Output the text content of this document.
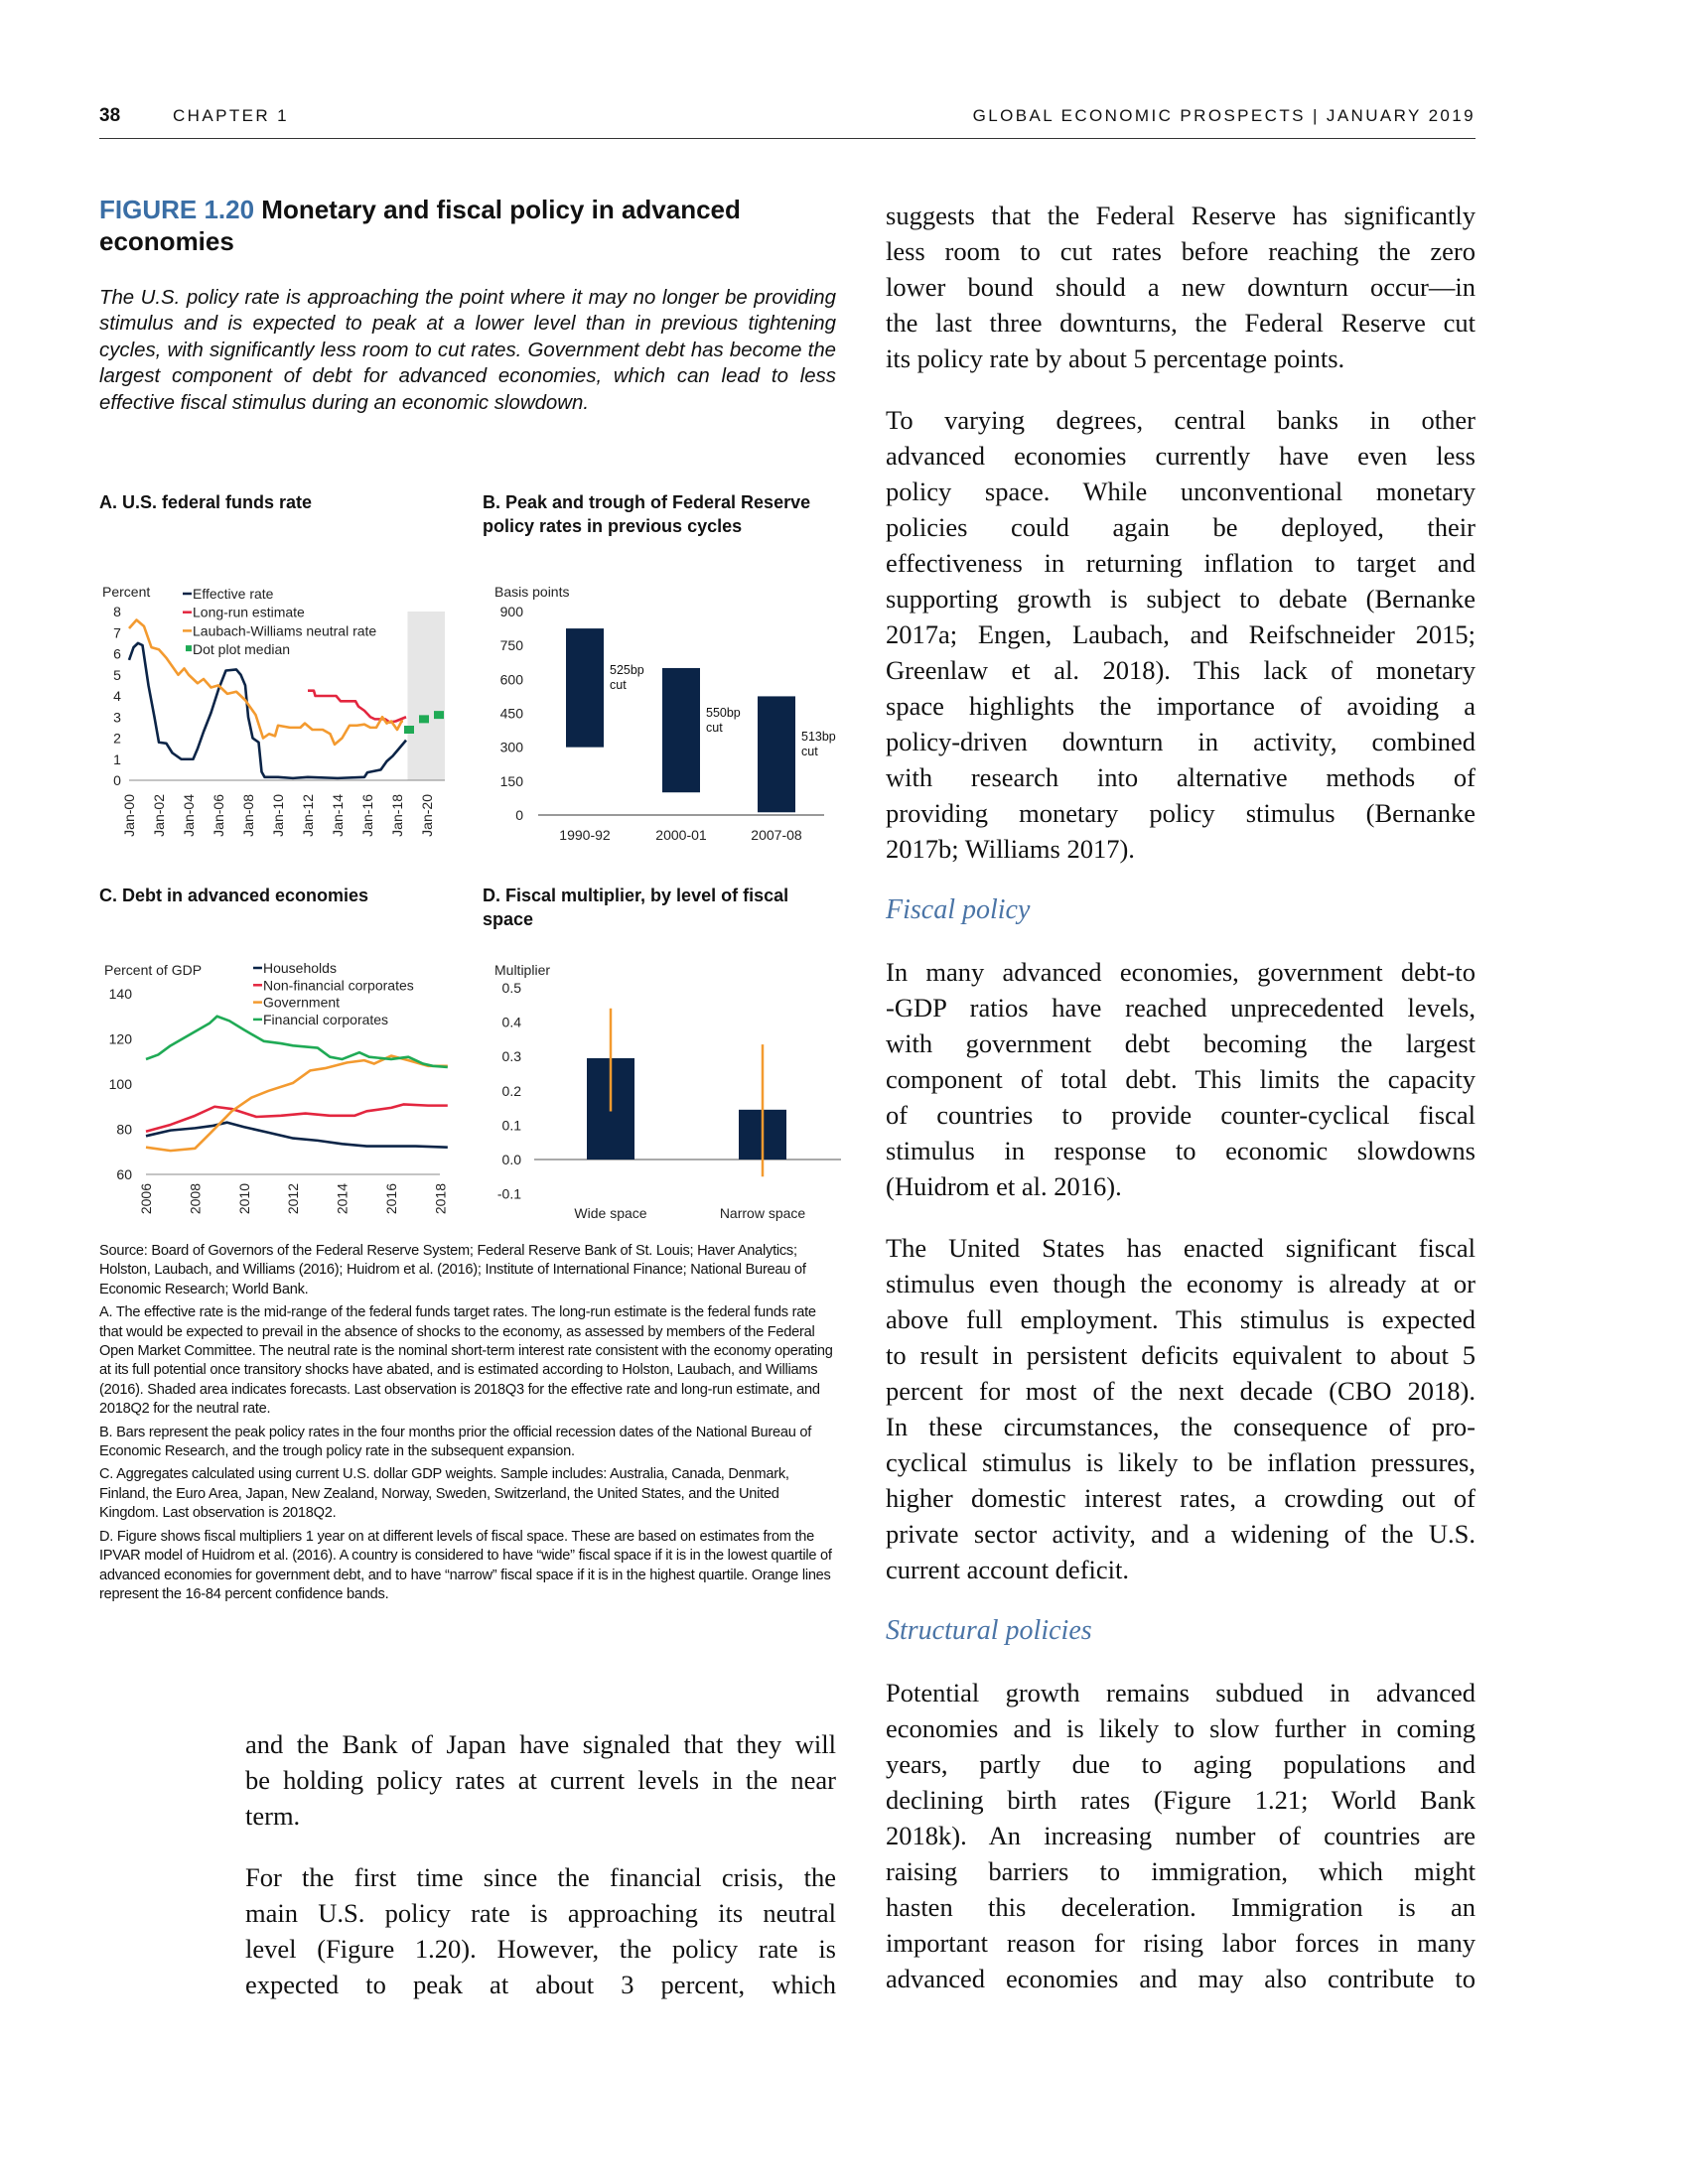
38	CHAPTER 1	GLOBAL ECONOMIC PROSPECTS | JANUARY 2019
FIGURE 1.20 Monetary and fiscal policy in advanced economies
The U.S. policy rate is approaching the point where it may no longer be providing stimulus and is expected to peak at a lower level than in previous tightening cycles, with significantly less room to cut rates. Government debt has become the largest component of debt for advanced economies, which can lead to less effective fiscal stimulus during an economic slowdown.
A. U.S. federal funds rate	B. Peak and trough of Federal Reserve policy rates in previous cycles
C. Debt in advanced economies	D. Fiscal multiplier, by level of fiscal space
0
1
2
3
4
5
6
7
8
Jan-00 Jan-02 Jan-04 Jan-06 Jan-08 Jan-10 Jan-12 Jan-14 Jan-16 Jan-18 Jan-20
Percent	Effective rate
Long-run estimate
Laubach-Williams neutral rate
Dot plot median
0
150
300
450
600
750
900
Basis points
1990-92
525bp
cut
2000-01
550bp
cut
2007-08
513bp
cut
60
80
100
120
140
2006 2008 2010 2012 2014 2016 2018
Percent of GDP	Households
Non-financial corporates
Government
Financial corporates
-0.1
0.0
0.1
0.2
0.3
0.4
0.5
Multiplier
Wide space	Narrow space

Source: Board of Governors of the Federal Reserve System; Federal Reserve Bank of St. Louis; Haver Analytics; Holston, Laubach, and Williams (2016); Huidrom et al. (2016); Institute of International Finance; National Bureau of Economic Research; World Bank.

A. The effective rate is the mid-range of the federal funds target rates. The long-run estimate is the federal funds rate that would be expected to prevail in the absence of shocks to the economy, as assessed by members of the Federal Open Market Committee. The neutral rate is the nominal short-term interest rate consistent with the economy operating at its full potential once transitory shocks have abated, and is estimated according to Holston, Laubach, and Williams (2016). Shaded area indicates forecasts. Last observation is 2018Q3 for the effective rate and long-run estimate, and 2018Q2 for the neutral rate.

B. Bars represent the peak policy rates in the four months prior the official recession dates of the National Bureau of Economic Research, and the trough policy rate in the subsequent expansion.

C. Aggregates calculated using current U.S. dollar GDP weights. Sample includes: Australia, Canada, Denmark, Finland, the Euro Area, Japan, New Zealand, Norway, Sweden, Switzerland, the United States, and the United Kingdom. Last observation is 2018Q2.

D. Figure shows fiscal multipliers 1 year on at different levels of fiscal space. These are based on estimates from the IPVAR model of Huidrom et al. (2016). A country is considered to have “wide” fiscal space if it is in the lowest quartile of advanced economies for government debt, and to have “narrow” fiscal space if it is in the highest quartile. Orange lines represent the 16-84 percent confidence bands.

and the Bank of Japan have signaled that they will
be holding policy rates at current levels in the near
term.
For the first time since the financial crisis, the
main U.S. policy rate is approaching its neutral
level (Figure 1.20). However, the policy rate is
expected to peak at about 3 percent, which
suggests that the Federal Reserve has significantly
less room to cut rates before reaching the zero
lower bound should a new downturn occur—in
the last three downturns, the Federal Reserve cut
its policy rate by about 5 percentage points.
To varying degrees, central banks in other
advanced economies currently have even less
policy space. While unconventional monetary
policies could again be deployed, their
effectiveness in returning inflation to target and
supporting growth is subject to debate (Bernanke
2017a; Engen, Laubach, and Reifschneider 2015;
Greenlaw et al. 2018). This lack of monetary
space highlights the importance of avoiding a
policy-driven downturn in activity, combined
with research into alternative methods of
providing monetary policy stimulus (Bernanke
2017b; Williams 2017).
Fiscal policy
In many advanced economies, government debt-to
-GDP ratios have reached unprecedented levels,
with government debt becoming the largest
component of total debt. This limits the capacity
of countries to provide counter-cyclical fiscal
stimulus in response to economic slowdowns
(Huidrom et al. 2016).
The United States has enacted significant fiscal
stimulus even though the economy is already at or
above full employment. This stimulus is expected
to result in persistent deficits equivalent to about 5
percent for most of the next decade (CBO 2018).
In these circumstances, the consequence of pro-
cyclical stimulus is likely to be inflation pressures,
higher domestic interest rates, a crowding out of
private sector activity, and a widening of the U.S.
current account deficit.
Structural policies
Potential growth remains subdued in advanced
economies and is likely to slow further in coming
years, partly due to aging populations and
declining birth rates (Figure 1.21; World Bank
2018k). An increasing number of countries are
raising barriers to immigration, which might
hasten this deceleration. Immigration is an
important reason for rising labor forces in many
advanced economies and may also contribute to
